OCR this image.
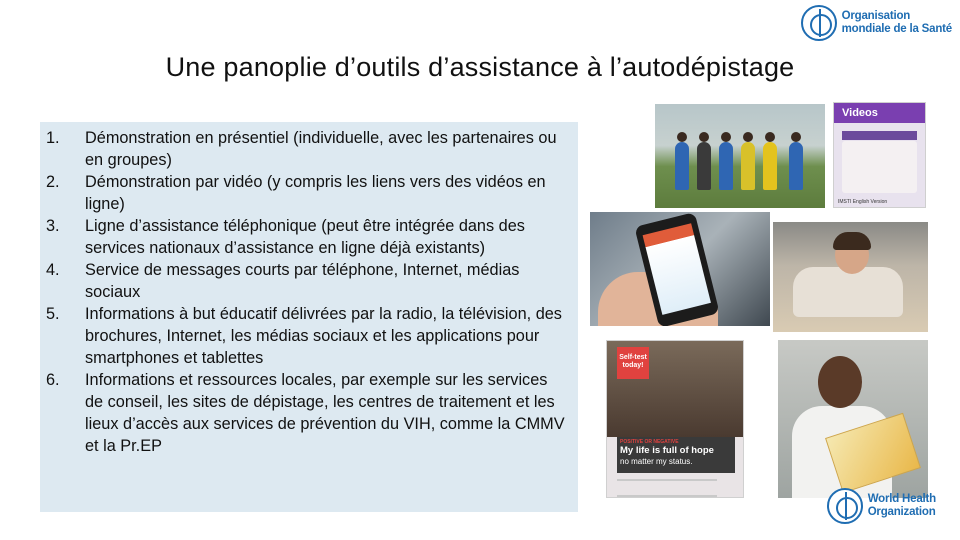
Organisation
mondiale de la Santé
Une panoplie d’outils d’assistance à l’autodépistage
1. Démonstration en présentiel (individuelle, avec les partenaires ou en groupes)
2. Démonstration par vidéo (y compris les liens vers des vidéos en ligne)
3. Ligne d’assistance téléphonique (peut être intégrée dans des services nationaux d’assistance en ligne déjà existants)
4. Service de messages courts par téléphone, Internet, médias sociaux
5. Informations à but éducatif délivrées par la radio, la télévision, des brochures, Internet, les médias sociaux et les applications pour smartphones et tablettes
6. Informations et ressources locales, par exemple sur les services de conseil, les sites de dépistage, les centres de traitement et les lieux d’accès aux services de prévention du VIH, comme la CMMV et la Pr.EP
Videos
IMSTI English Version
Self-test today!
POSITIVE OR NEGATIVE
My life is full of hope
no matter my status.
World Health
Organization
